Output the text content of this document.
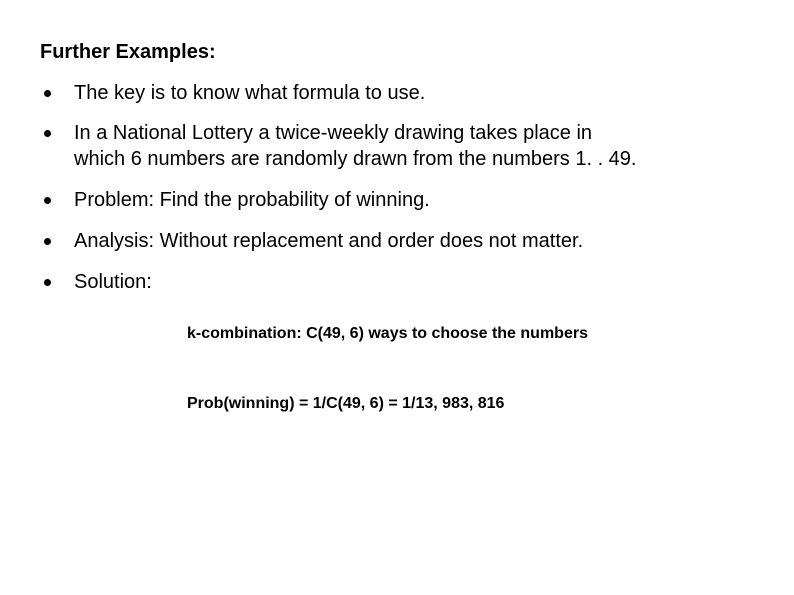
Further Examples:
The key is to know what formula to use.
In a National Lottery a twice-weekly drawing takes place in
which 6 numbers are randomly drawn from the numbers 1. . 49.
Problem: Find the probability of winning.
Analysis: Without replacement and order does not matter.
Solution:
k-combination: C(49, 6) ways to choose the numbers
Prob(winning) = 1/C(49, 6) = 1/13, 983, 816
